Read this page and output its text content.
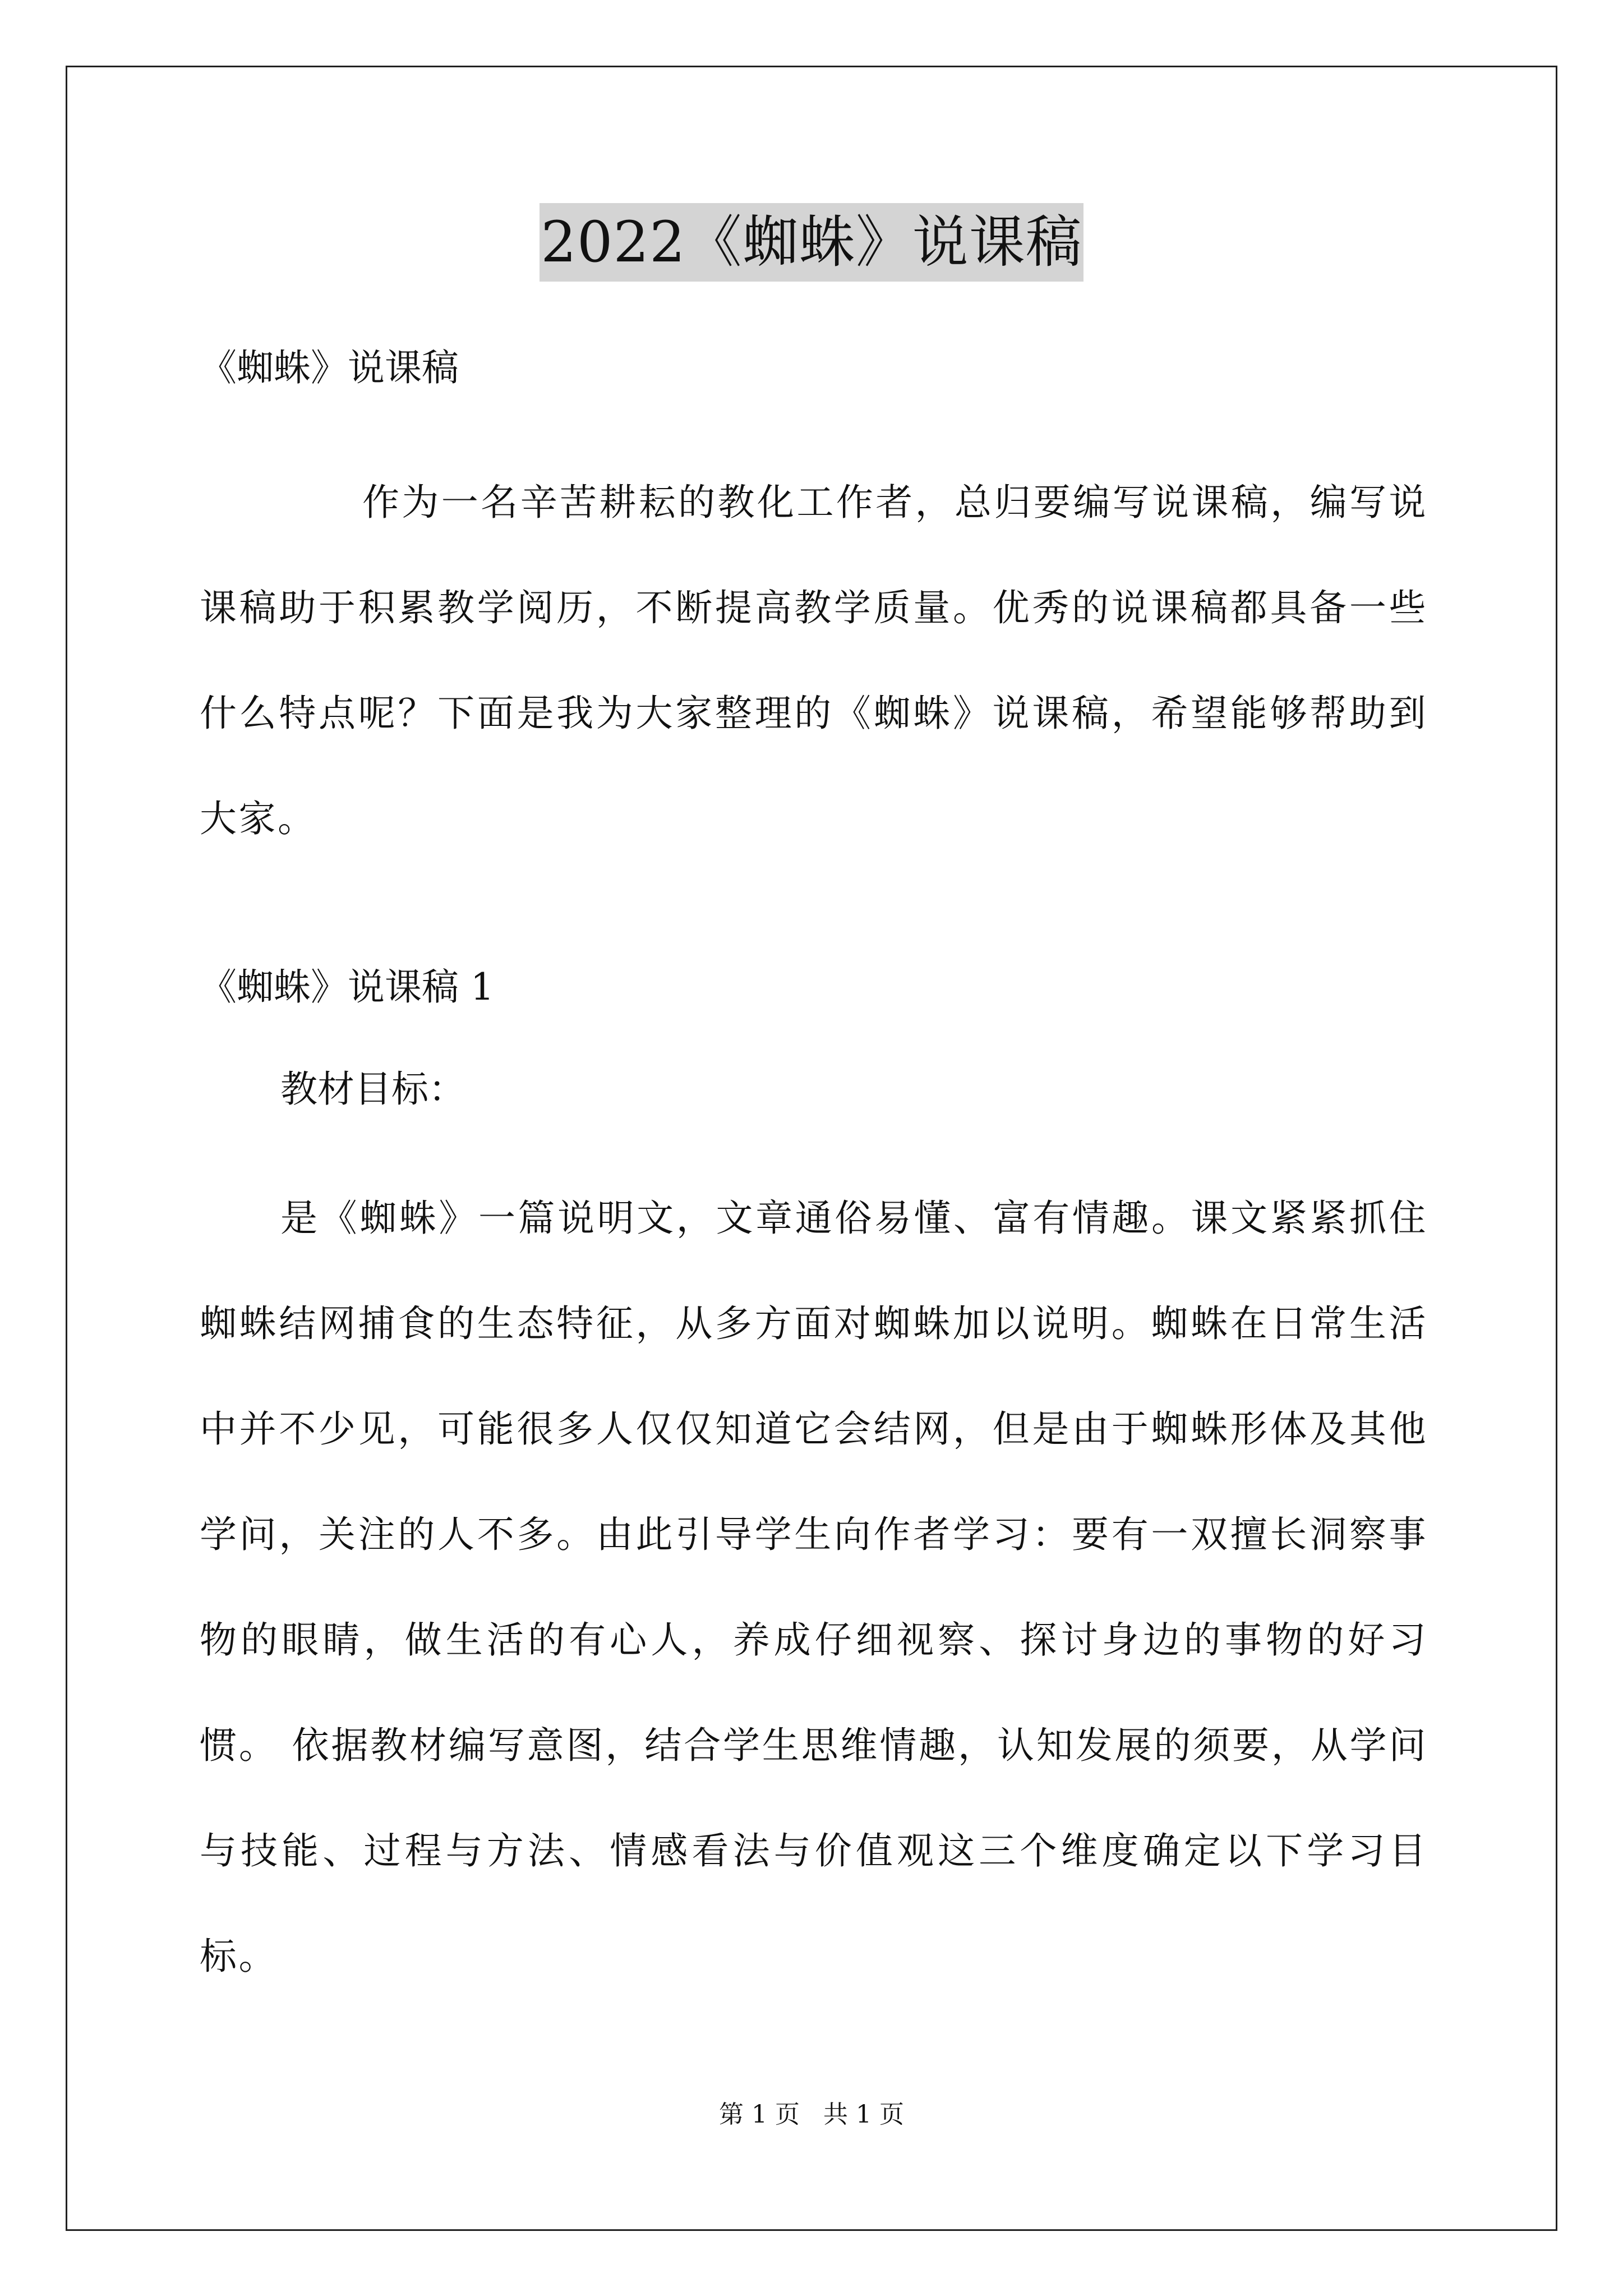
2022《蜘蛛》说课稿

《蜘蛛》说课稿

作为一名辛苦耕耘的教化工作者，总归要编写说课稿，编写说课稿助于积累教学阅历，不断提高教学质量。优秀的说课稿都具备一些什么特点呢？下面是我为大家整理的《蜘蛛》说课稿，希望能够帮助到大家。

《蜘蛛》说课稿 1

教材目标：

是《蜘蛛》一篇说明文，文章通俗易懂、富有情趣。课文紧紧抓住蜘蛛结网捕食的生态特征，从多方面对蜘蛛加以说明。蜘蛛在日常生活中并不少见，可能很多人仅仅知道它会结网，但是由于蜘蛛形体及其他学问，关注的人不多。由此引导学生向作者学习：要有一双擅长洞察事物的眼睛，做生活的有心人，养成仔细视察、探讨身边的事物的好习惯。 依据教材编写意图，结合学生思维情趣，认知发展的须要，从学问与技能、过程与方法、情感看法与价值观这三个维度确定以下学习目标。

第 1 页 共 1 页
